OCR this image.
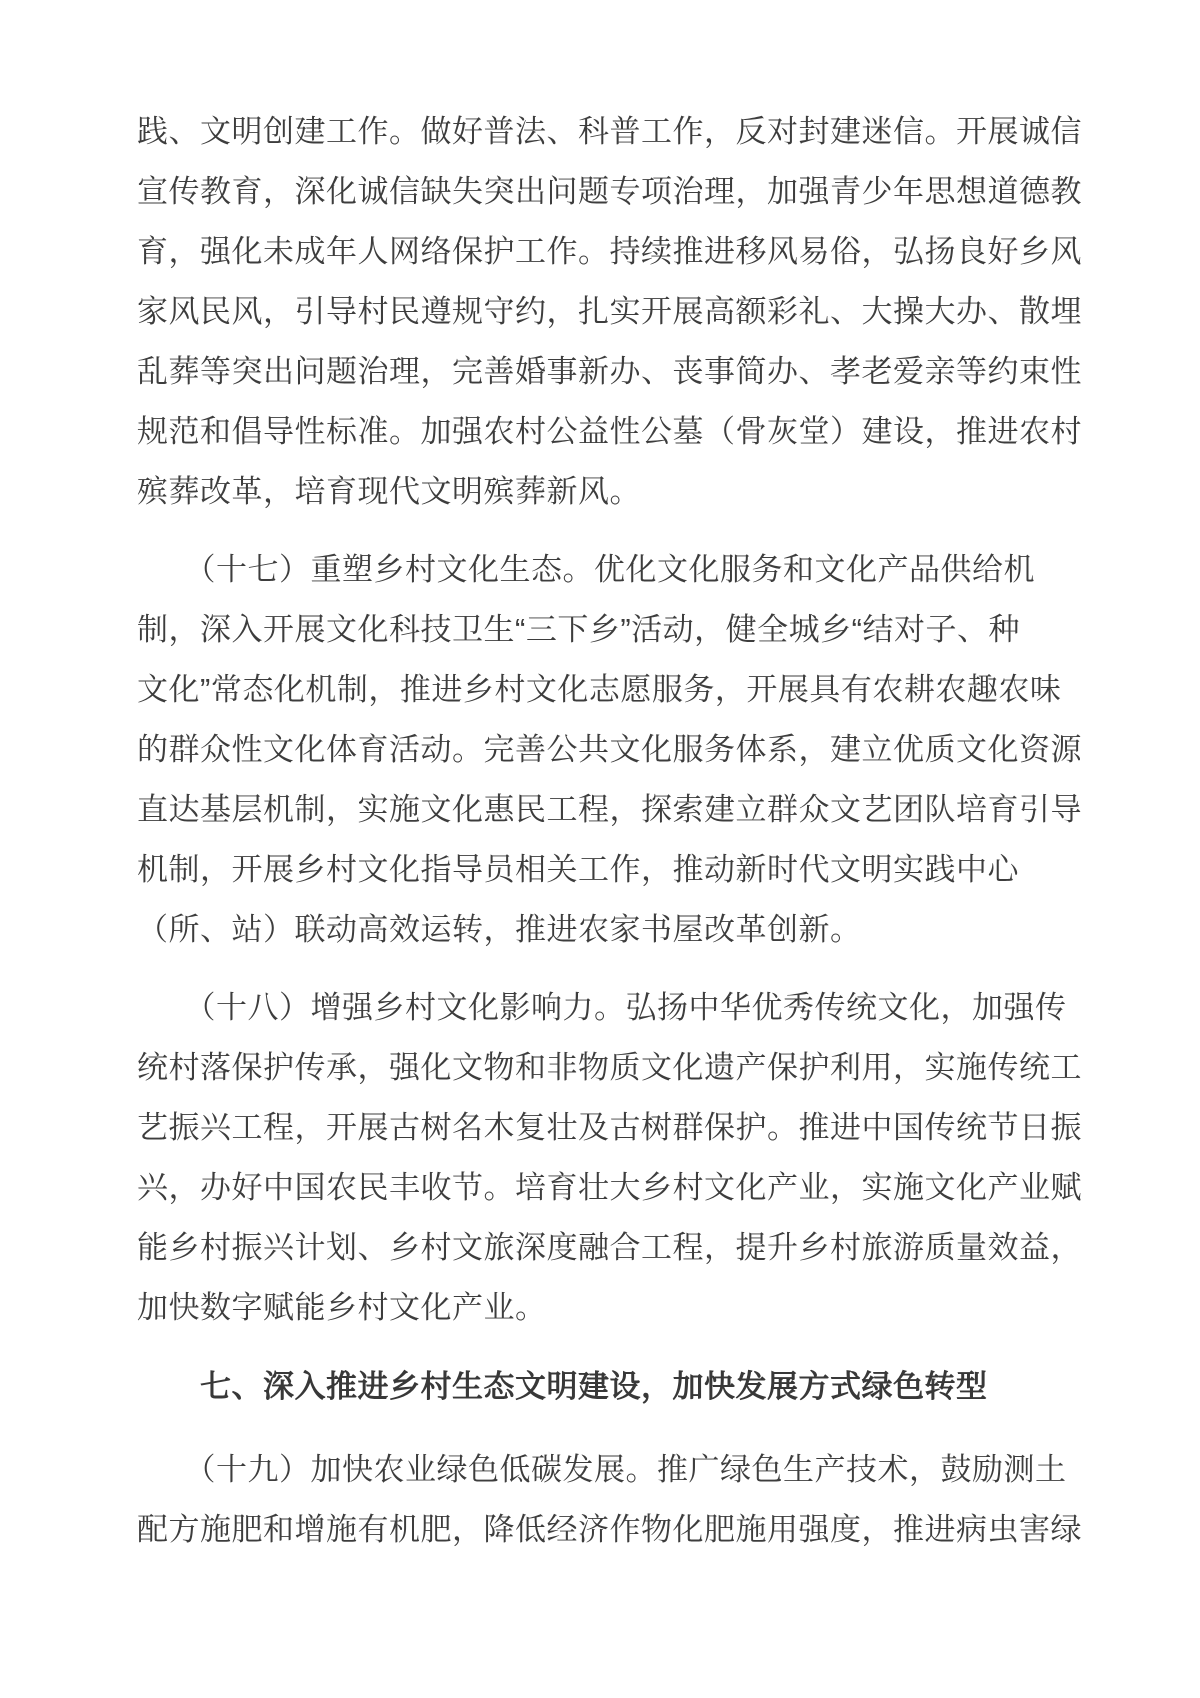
践、文明创建工作。做好普法、科普工作，反对封建迷信。开展诚信
宣传教育，深化诚信缺失突出问题专项治理，加强青少年思想道德教
育，强化未成年人网络保护工作。持续推进移风易俗，弘扬良好乡风
家风民风，引导村民遵规守约，扎实开展高额彩礼、大操大办、散埋
乱葬等突出问题治理，完善婚事新办、丧事简办、孝老爱亲等约束性
规范和倡导性标准。加强农村公益性公墓（骨灰堂）建设，推进农村
殡葬改革，培育现代文明殡葬新风。
　　（十七）重塑乡村文化生态。优化文化服务和文化产品供给机
制，深入开展文化科技卫生“三下乡”活动，健全城乡“结对子、种
文化”常态化机制，推进乡村文化志愿服务，开展具有农耕农趣农味
的群众性文化体育活动。完善公共文化服务体系，建立优质文化资源
直达基层机制，实施文化惠民工程，探索建立群众文艺团队培育引导
机制，开展乡村文化指导员相关工作，推动新时代文明实践中心
（所、站）联动高效运转，推进农家书屋改革创新。
　　（十八）增强乡村文化影响力。弘扬中华优秀传统文化，加强传
统村落保护传承，强化文物和非物质文化遗产保护利用，实施传统工
艺振兴工程，开展古树名木复壮及古树群保护。推进中国传统节日振
兴，办好中国农民丰收节。培育壮大乡村文化产业，实施文化产业赋
能乡村振兴计划、乡村文旅深度融合工程，提升乡村旅游质量效益，
加快数字赋能乡村文化产业。
　　七、深入推进乡村生态文明建设，加快发展方式绿色转型
　　（十九）加快农业绿色低碳发展。推广绿色生产技术，鼓励测土
配方施肥和增施有机肥，降低经济作物化肥施用强度，推进病虫害绿
